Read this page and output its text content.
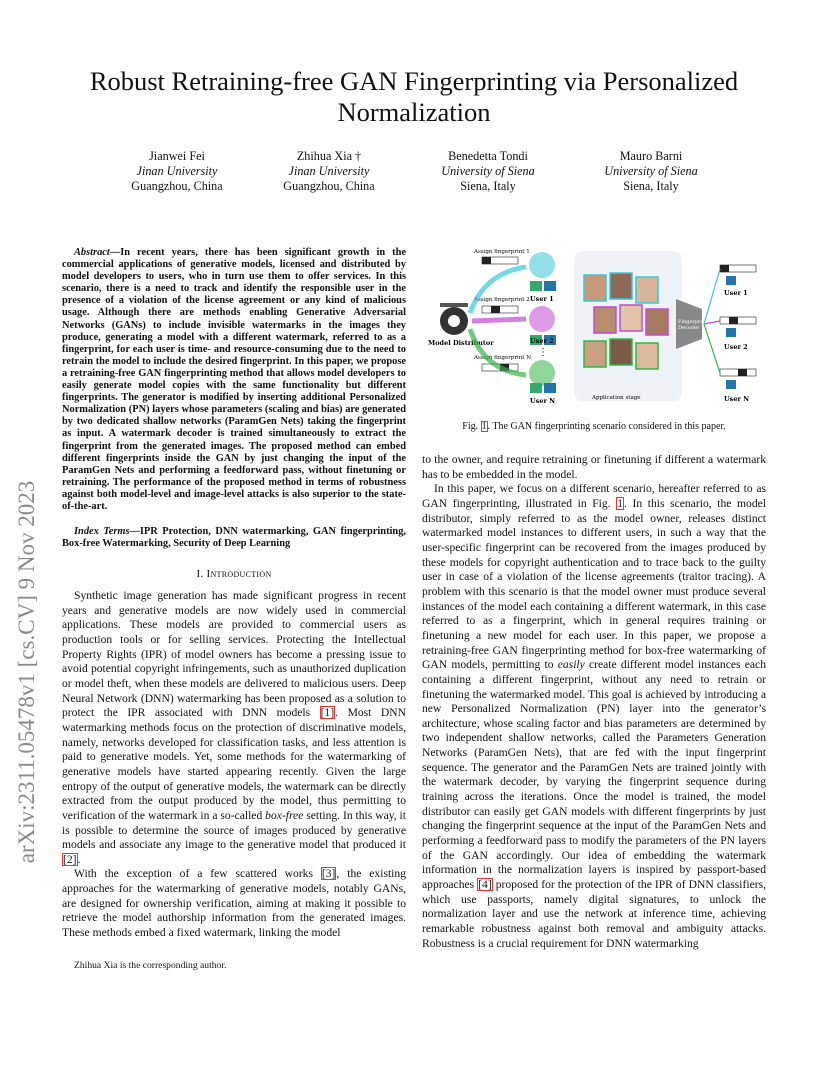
Robust Retraining-free GAN Fingerprinting via Personalized Normalization
Jianwei Fei
Jinan University
Guangzhou, China
Zhihua Xia †
Jinan University
Guangzhou, China
Benedetta Tondi
University of Siena
Siena, Italy
Mauro Barni
University of Siena
Siena, Italy
arXiv:2311.05478v1 [cs.CV] 9 Nov 2023

Abstract—In recent years, there has been significant growth in the commercial applications of generative models, licensed and distributed by model developers to users, who in turn use them to offer services. In this scenario, there is a need to track and identify the responsible user in the presence of a violation of the license agreement or any kind of malicious usage. Although there are methods enabling Generative Adversarial Networks (GANs) to include invisible watermarks in the images they produce, generating a model with a different watermark, referred to as a fingerprint, for each user is time- and resource-consuming due to the need to retrain the model to include the desired fingerprint. In this paper, we propose a retraining-free GAN fingerprinting method that allows model developers to easily generate model copies with the same functionality but different fingerprints. The generator is modified by inserting additional Personalized Normalization (PN) layers whose parameters (scaling and bias) are generated by two dedicated shallow networks (ParamGen Nets) taking the fingerprint as input. A watermark decoder is trained simultaneously to extract the fingerprint from the generated images. The proposed method can embed different fingerprints inside the GAN by just changing the input of the ParamGen Nets and performing a feedforward pass, without finetuning or retraining. The performance of the proposed method in terms of robustness against both model-level and image-level attacks is also superior to the state-of-the-art.

Index Terms—IPR Protection, DNN watermarking, GAN fingerprinting, Box-free Watermarking, Security of Deep Learning

I. Introduction

Synthetic image generation has made significant progress in recent years and generative models are now widely used in commercial applications. These models are provided to commercial users as production tools or for selling services. Protecting the Intellectual Property Rights (IPR) of model owners has become a pressing issue to avoid potential copyright infringements, such as unauthorized duplication or model theft, when these models are delivered to malicious users. Deep Neural Network (DNN) watermarking has been proposed as a solution to protect the IPR associated with DNN models [1]. Most DNN watermarking methods focus on the protection of discriminative models, namely, networks developed for classification tasks, and less attention is paid to generative models. Yet, some methods for the watermarking of generative models have started appearing recently. Given the large entropy of the output of generative models, the watermark can be directly extracted from the output produced by the model, thus permitting to verification of the watermark in a so-called box-free setting. In this way, it is possible to determine the source of images produced by generative models and associate any image to the generative model that produced it [2].

With the exception of a few scattered works [3], the existing approaches for the watermarking of generative models, notably GANs, are designed for ownership verification, aiming at making it possible to retrieve the model authorship information from the generated images. These methods embed a fixed watermark, linking the model

Zhihua Xia is the corresponding author.
Model Distributor
Assign fingerprint 1
Assign fingerprint 2
Assign fingerprint N
User 1
User 2
⋮
User N	Application stage
Fingerprint Decoder
User 1
User 2
User N
Fig. 1. The GAN fingerprinting scenario considered in this paper.

to the owner, and require retraining or finetuning if different a watermark has to be embedded in the model.

In this paper, we focus on a different scenario, hereafter referred to as GAN fingerprinting, illustrated in Fig. 1. In this scenario, the model distributor, simply referred to as the model owner, releases distinct watermarked model instances to different users, in such a way that the user-specific fingerprint can be recovered from the images produced by these models for copyright authentication and to trace back to the guilty user in case of a violation of the license agreements (traitor tracing). A problem with this scenario is that the model owner must produce several instances of the model each containing a different watermark, in this case referred to as a fingerprint, which in general requires training or finetuning a new model for each user. In this paper, we propose a retraining-free GAN fingerprinting method for box-free watermarking of GAN models, permitting to easily create different model instances each containing a different fingerprint, without any need to retrain or finetuning the watermarked model. This goal is achieved by introducing a new Personalized Normalization (PN) layer into the generator’s architecture, whose scaling factor and bias parameters are determined by two independent shallow networks, called the Parameters Generation Networks (ParamGen Nets), that are fed with the input fingerprint sequence. The generator and the ParamGen Nets are trained jointly with the watermark decoder, by varying the fingerprint sequence during training across the iterations. Once the model is trained, the model distributor can easily get GAN models with different fingerprints by just changing the fingerprint sequence at the input of the ParamGen Nets and performing a feedforward pass to modify the parameters of the PN layers of the GAN accordingly. Our idea of embedding the watermark information in the normalization layers is inspired by passport-based approaches [4] proposed for the protection of the IPR of DNN classifiers, which use passports, namely digital signatures, to unlock the normalization layer and use the network at inference time, achieving remarkable robustness against both removal and ambiguity attacks. Robustness is a crucial requirement for DNN watermarking
